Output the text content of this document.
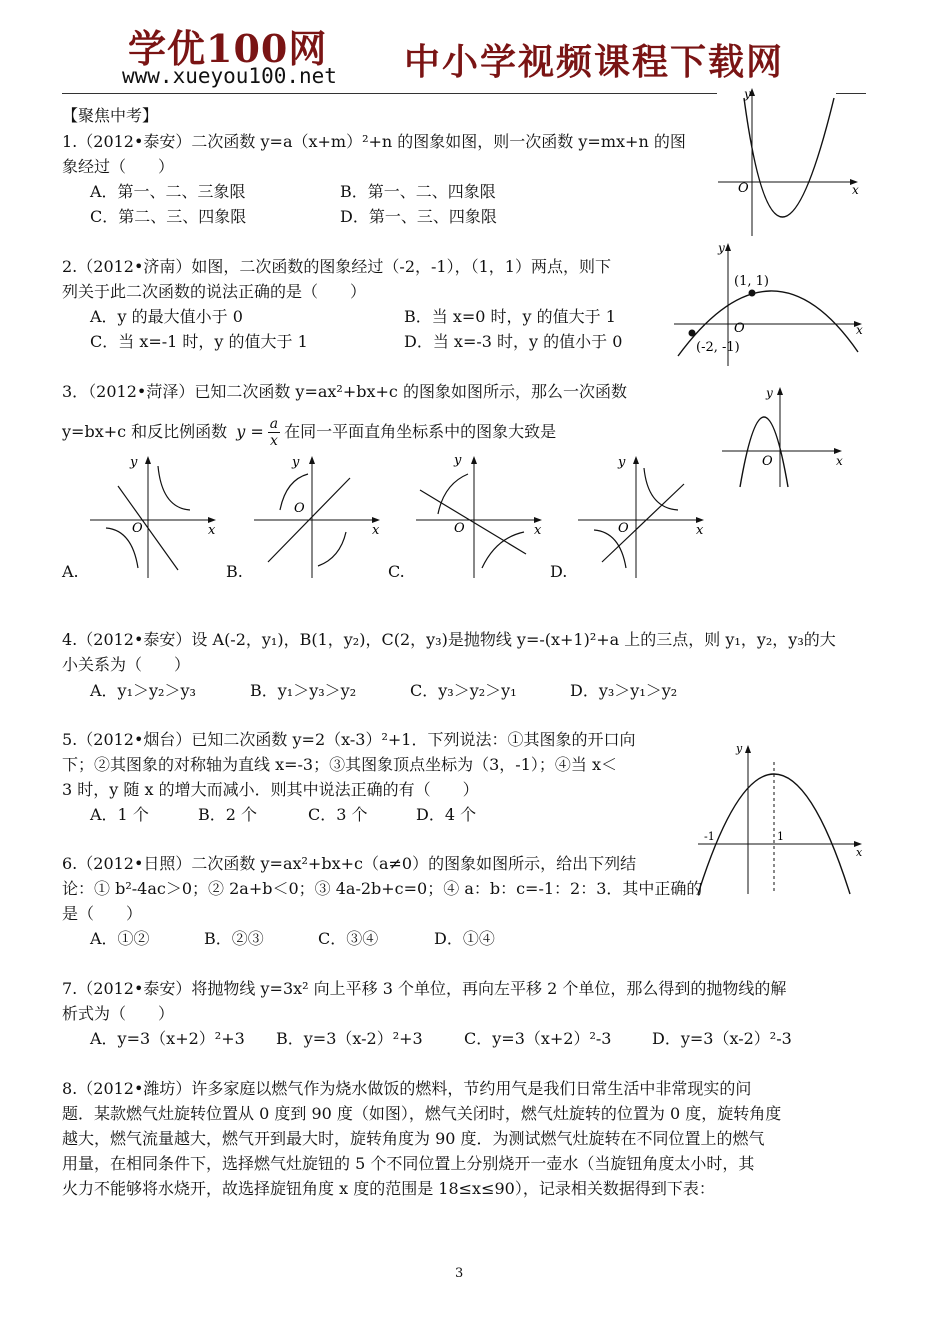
学优100网
www.xueyou100.net 中小学视频课程下载网
【聚焦中考】
1.（2012•泰安）二次函数 y=a（x+m）²+n 的图象如图，则一次函数 y=mx+n 的图
象经过（　　）
A．第一、二、三象限	B．第一、二、四象限
C．第二、三、四象限	D．第一、三、四象限
y
x
O
2.（2012•济南）如图，二次函数的图象经过（-2，-1），（1，1）两点，则下
列关于此二次函数的说法正确的是（　　）
A．y 的最大值小于 0	B．当 x=0 时，y 的值大于 1
C．当 x=-1 时，y 的值大于 1	D．当 x=-3 时，y 的值小于 0
y
x
O
(1, 1)
(-2, -1)
3．（2012•菏泽）已知二次函数 y=ax²+bx+c 的图象如图所示，那么一次函数
y=bx+c 和反比例函数 $y = \frac{a}{x}$ 在同一平面直角坐标系中的图象大致是
y
x
O
y
x
O
y
x
O
y
x
O
y
x
O
A.	B.	C.	D.
4.（2012•泰安）设 A(-2，y₁)，B(1，y₂)，C(2，y₃)是抛物线 y=-(x+1)²+a 上的三点，则 y₁，y₂，y₃的大
小关系为（　　）
A．y₁＞y₂＞y₃	B．y₁＞y₃＞y₂	C．y₃＞y₂＞y₁	D．y₃＞y₁＞y₂
5.（2012•烟台）已知二次函数 y=2（x-3）²+1．下列说法：①其图象的开口向
下；②其图象的对称轴为直线 x=-3；③其图象顶点坐标为（3，-1）；④当 x＜
3 时，y 随 x 的增大而减小．则其中说法正确的有（　　）
A．1 个	B．2 个	C．3 个	D．4 个
y
x
-1	1
6.（2012•日照）二次函数 y=ax²+bx+c（a≠0）的图象如图所示，给出下列结
论：① b²-4ac＞0；② 2a+b＜0；③ 4a-2b+c=0；④ a：b：c=-1：2：3．其中正确的
是（　　）
A．①②	B．②③	C．③④	D．①④
7.（2012•泰安）将抛物线 y=3x² 向上平移 3 个单位，再向左平移 2 个单位，那么得到的抛物线的解
析式为（　　）
A．y=3（x+2）²+3 B．y=3（x-2）²+3	C．y=3（x+2）²-3	D．y=3（x-2）²-3
8.（2012•潍坊）许多家庭以燃气作为烧水做饭的燃料，节约用气是我们日常生活中非常现实的问
题．某款燃气灶旋转位置从 0 度到 90 度（如图），燃气关闭时，燃气灶旋转的位置为 0 度，旋转角度
越大，燃气流量越大，燃气开到最大时，旋转角度为 90 度．为测试燃气灶旋转在不同位置上的燃气
用量，在相同条件下，选择燃气灶旋钮的 5 个不同位置上分别烧开一壶水（当旋钮角度太小时，其
火力不能够将水烧开，故选择旋钮角度 x 度的范围是 18≤x≤90），记录相关数据得到下表：
3
